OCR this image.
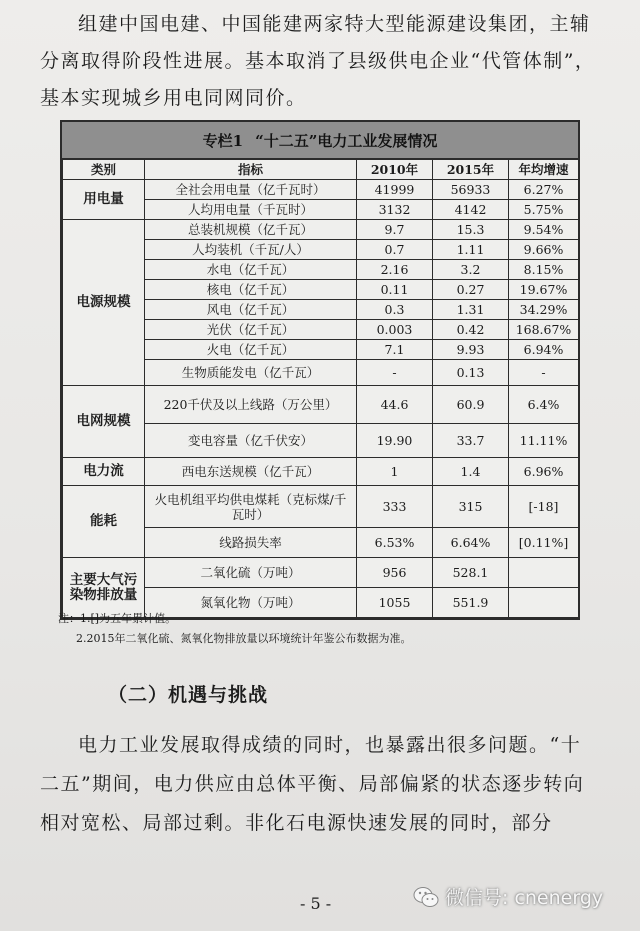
组建中国电建、中国能建两家特大型能源建设集团，主辅分离取得阶段性进展。基本取消了县级供电企业“代管体制”，基本实现城乡用电同网同价。

专栏1 “十二五”电力工业发展情况
类别	指标	2010年	2015年	年均增速
用电量	全社会用电量（亿千瓦时）	41999	56933	6.27%
	人均用电量（千瓦时）	3132	4142	5.75%
电源规模	总装机规模（亿千瓦）	9.7	15.3	9.54%
	人均装机（千瓦/人）	0.7	1.11	9.66%
	水电（亿千瓦）	2.16	3.2	8.15%
	核电（亿千瓦）	0.11	0.27	19.67%
	风电（亿千瓦）	0.3	1.31	34.29%
	光伏（亿千瓦）	0.003	0.42	168.67%
	火电（亿千瓦）	7.1	9.93	6.94%
	生物质能发电（亿千瓦）	-	0.13	-
电网规模	220千伏及以上线路（万公里）	44.6	60.9	6.4%
	变电容量（亿千伏安）	19.90	33.7	11.11%
电力流	西电东送规模（亿千瓦）	1	1.4	6.96%
能耗	火电机组平均供电煤耗（克标煤/千瓦时）	333	315	[-18]
	线路损失率	6.53%	6.64%	[0.11%]
主要大气污染物排放量	二氧化硫（万吨）	956	528.1	
	氮氧化物（万吨）	1055	551.9	
注：1.[]为五年累计值。
2.2015年二氧化硫、氮氧化物排放量以环境统计年鉴公布数据为准。
（二）机遇与挑战

电力工业发展取得成绩的同时，也暴露出很多问题。“十二五”期间，电力供应由总体平衡、局部偏紧的状态逐步转向相对宽松、局部过剩。非化石电源快速发展的同时，部分

- 5 -	微信号: cnenergy
